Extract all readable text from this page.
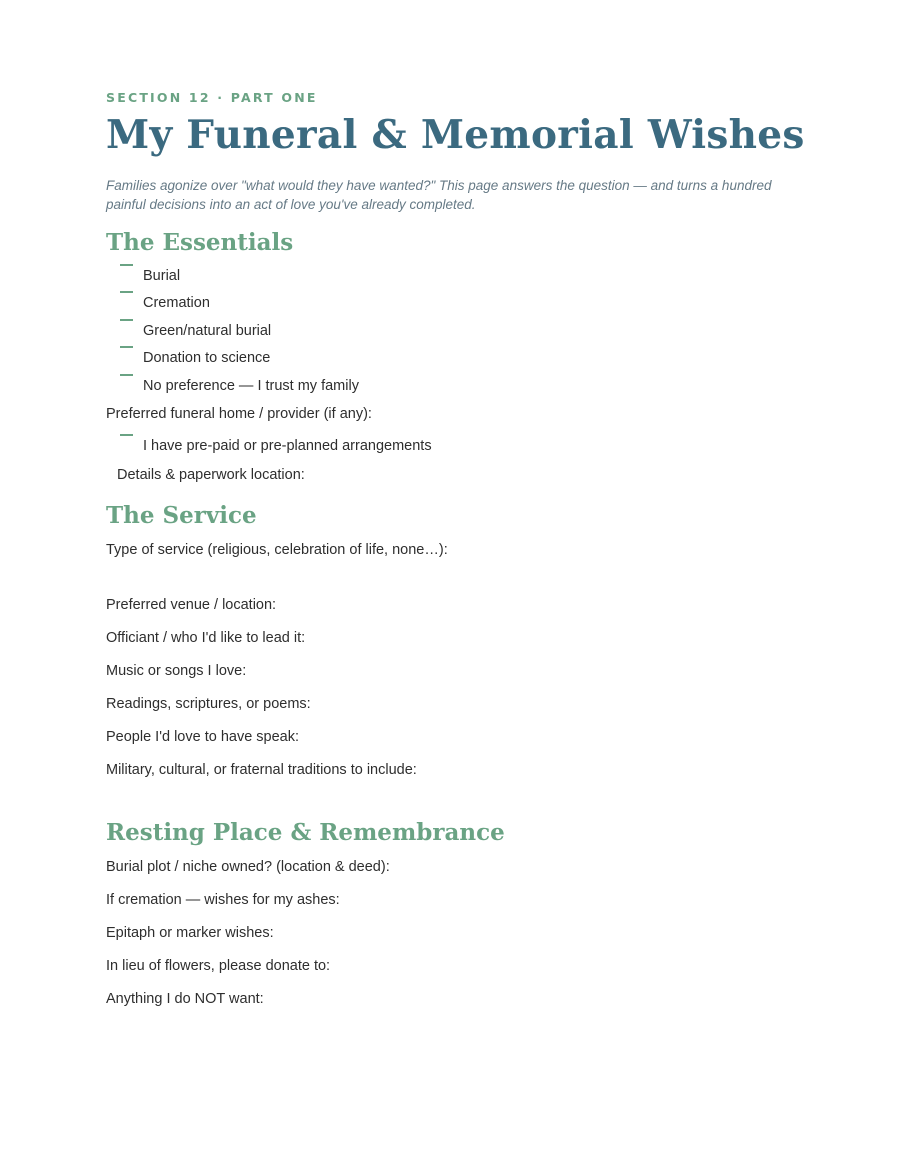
SECTION 12 · PART ONE
My Funeral & Memorial Wishes

Families agonize over "what would they have wanted?" This page answers the question — and turns a hundred painful decisions into an act of love you've already completed.

The Essentials
Burial
Cremation
Green/natural burial
Donation to science
No preference — I trust my family
Preferred funeral home / provider (if any):
I have pre-paid or pre-planned arrangements
Details & paperwork location:
The Service
Type of service (religious, celebration of life, none…):
Preferred venue / location:
Officiant / who I'd like to lead it:
Music or songs I love:
Readings, scriptures, or poems:
People I'd love to have speak:
Military, cultural, or fraternal traditions to include:
Resting Place & Remembrance
Burial plot / niche owned? (location & deed):
If cremation — wishes for my ashes:
Epitaph or marker wishes:
In lieu of flowers, please donate to:
Anything I do NOT want:
